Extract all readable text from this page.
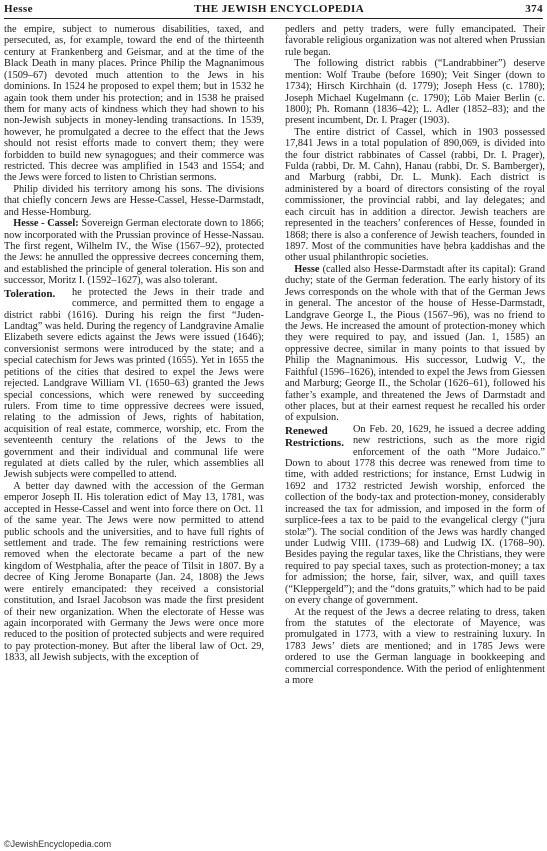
Hesse	THE JEWISH ENCYCLOPEDIA	374

the empire, subject to numerous disabilities, taxed, and persecuted, as, for example, toward the end of the thirteenth century at Frankenberg and Geismar, and at the time of the Black Death in many places. Prince Philip the Magnanimous (1509–67) devoted much attention to the Jews in his dominions. In 1524 he proposed to expel them; but in 1532 he again took them under his protection; and in 1538 he praised them for many acts of kindness which they had shown to his non-Jewish subjects in money-lending transactions. In 1539, however, he promulgated a decree to the effect that the Jews should not resist efforts made to convert them; they were forbidden to build new synagogues; and their commerce was restricted. This decree was amplified in 1543 and 1554; and the Jews were forced to listen to Christian sermons.

Philip divided his territory among his sons. The divisions that chiefly concern Jews are Hesse-Cassel, Hesse-Darmstadt, and Hesse-Homburg.

Hesse - Cassel: Sovereign German electorate down to 1866; now incorporated with the Prussian province of Hesse-Nassau. The first regent, Wilhelm IV., the Wise (1567–92), protected the Jews: he annulled the oppressive decrees concerning them, and established the principle of general toleration. His son and successor, Moritz I. (1592–1627), was also tolerant.

Toleration.	he protected the Jews in their trade and commerce, and permitted them to engage a district rabbi (1616). During his reign the first “Juden-Landtag” was held. During the regency of Landgravine Amalie Elizabeth severe edicts against the Jews were issued (1646); conversionist sermons were introduced by the state; and a special catechism for Jews was printed (1655). Yet in 1655 the petitions of the cities that desired to expel the Jews were rejected. Landgrave William VI. (1650–63) granted the Jews special concessions, which were renewed by succeeding rulers. From time to time oppressive decrees were issued, relating to the admission of Jews, rights of habitation, acquisition of real estate, commerce, worship, etc. From the seventeenth century the relations of the Jews to the government and their individual and communal life were regulated at diets called by the ruler, which assemblies all Jewish subjects were compelled to attend.

A better day dawned with the accession of the German emperor Joseph II. His toleration edict of May 13, 1781, was accepted in Hesse-Cassel and went into force there on Oct. 11 of the same year. The Jews were now permitted to attend public schools and the universities, and to have full rights of settlement and trade. The few remaining restrictions were removed when the electorate became a part of the new kingdom of Westphalia, after the peace of Tilsit in 1807. By a decree of King Jerome Bonaparte (Jan. 24, 1808) the Jews were entirely emancipated: they received a consistorial constitution, and Israel Jacobson was made the first president of their new organization. When the electorate of Hesse was again incorporated with Germany the Jews were once more reduced to the position of protected subjects and were required to pay protection-money. But after the liberal law of Oct. 29, 1833, all Jewish subjects, with the exception of

pedlers and petty traders, were fully emancipated. Their favorable religious organization was not altered when Prussian rule began.

The following district rabbis (“Landrabbiner”) deserve mention: Wolf Traube (before 1690); Veit Singer (down to 1734); Hirsch Kirchhain (d. 1779); Joseph Hess (c. 1780); Joseph Michael Kugelmann (c. 1790); Löb Maier Berlin (c. 1800); Ph. Romann (1836–42); L. Adler (1852–83); and the present incumbent, Dr. I. Prager (1903).

The entire district of Cassel, which in 1903 possessed 17,841 Jews in a total population of 890,069, is divided into the four district rabbinates of Cassel (rabbi, Dr. I. Prager), Fulda (rabbi, Dr. M. Cahn), Hanau (rabbi, Dr. S. Bamberger), and Marburg (rabbi, Dr. L. Munk). Each district is administered by a board of directors consisting of the royal commissioner, the provincial rabbi, and lay delegates; and each circuit has in addition a director. Jewish teachers are represented in the teachers’ conferences of Hesse, founded in 1868; there is also a conference of Jewish teachers, founded in 1897. Most of the communities have ḥebra ḳaddishas and the other usual philanthropic societies.

Hesse (called also Hesse-Darmstadt after its capital): Grand duchy; state of the German federation. The early history of its Jews corresponds on the whole with that of the German Jews in general. The ancestor of the house of Hesse-Darmstadt, Landgrave George I., the Pious (1567–96), was no friend to the Jews. He increased the amount of protection-money which they were required to pay, and issued (Jan. 1, 1585) an oppressive decree, similar in many points to that issued by Philip the Magnanimous. His successor, Ludwig V., the Faithful (1596–1626), intended to expel the Jews from Giessen and Marburg; George II., the Scholar (1626–61), followed his father’s example, and threatened the Jews of Darmstadt and other places, but at their earnest request he recalled his order of expulsion.

Renewed Restrictions.
On Feb. 20, 1629, he issued a decree adding new restrictions, such as the more rigid enforcement of the oath “More Judaico.” Down to about 1778 this decree was renewed from time to time, with added restrictions; for instance, Ernst Ludwig in 1692 and 1732 restricted Jewish worship, enforced the collection of the body-tax and protection-money, considerably increased the tax for admission, and imposed in the form of surplice-fees a tax to be paid to the evangelical clergy (“jura stolæ”). The social condition of the Jews was hardly changed under Ludwig VIII. (1739–68) and Ludwig IX. (1768–90). Besides paying the regular taxes, like the Christians, they were required to pay special taxes, such as protection-money; a tax for admission; the horse, fair, silver, wax, and quill taxes (“Kleppergeld”); and the “dons gratuits,” which had to be paid on every change of government.

At the request of the Jews a decree relating to dress, taken from the statutes of the electorate of Mayence, was promulgated in 1773, with a view to restraining luxury. In 1783 Jews’ diets are mentioned; and in 1785 Jews were ordered to use the German language in bookkeeping and commercial correspondence. With the period of enlightenment a more

©JewishEncyclopedia.com
